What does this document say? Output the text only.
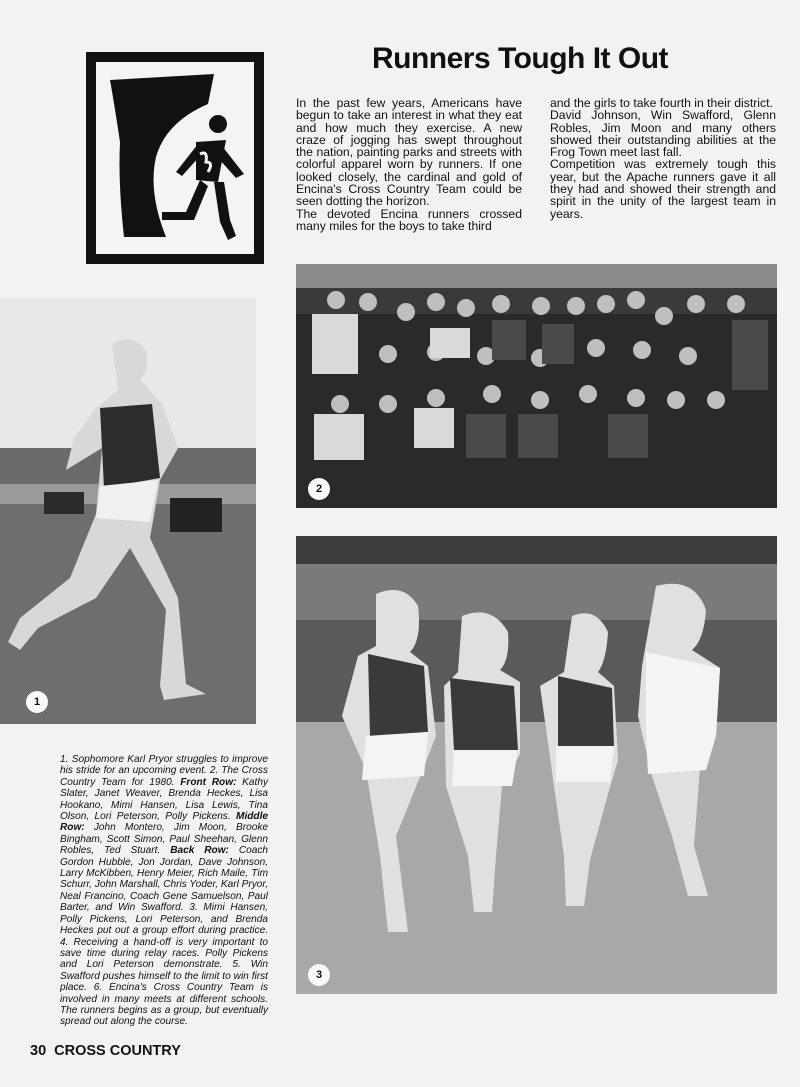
Runners Tough It Out

In the past few years, Americans have begun to take an interest in what they eat and how much they exercise. A new craze of jogging has swept throughout the nation, painting parks and streets with colorful apparel worn by runners. If one looked closely, the cardinal and gold of Encina's Cross Country Team could be seen dotting the horizon.

The devoted Encina runners crossed many miles for the boys to take third

and the girls to take fourth in their district.

David Johnson, Win Swafford, Glenn Robles, Jim Moon and many others showed their outstanding abilities at the Frog Town meet last fall.

Competition was extremely tough this year, but the Apache runners gave it all they had and showed their strength and spirit in the unity of the largest team in years.

1
2
3

1. Sophomore Karl Pryor struggles to improve his stride for an upcoming event. 2. The Cross Country Team for 1980. Front Row: Kathy Slater, Janet Weaver, Brenda Heckes, Lisa Hookano, Mimi Hansen, Lisa Lewis, Tina Olson, Lori Peterson, Polly Pickens. Middle Row: John Montero, Jim Moon, Brooke Bingham, Scott Simon, Paul Sheehan, Glenn Robles, Ted Stuart. Back Row: Coach Gordon Hubble, Jon Jordan, Dave Johnson, Larry McKibben, Henry Meier, Rich Maile, Tim Schurr, John Marshall, Chris Yoder, Karl Pryor, Neal Francino, Coach Gene Samuelson, Paul Barter, and Win Swafford. 3. Mimi Hansen, Polly Pickens, Lori Peterson, and Brenda Heckes put out a group effort during practice. 4. Receiving a hand-off is very important to save time during relay races. Polly Pickens and Lori Peterson demonstrate. 5. Win Swafford pushes himself to the limit to win first place. 6. Encina's Cross Country Team is involved in many meets at different schools. The runners begins as a group, but eventually spread out along the course.

30 CROSS COUNTRY
